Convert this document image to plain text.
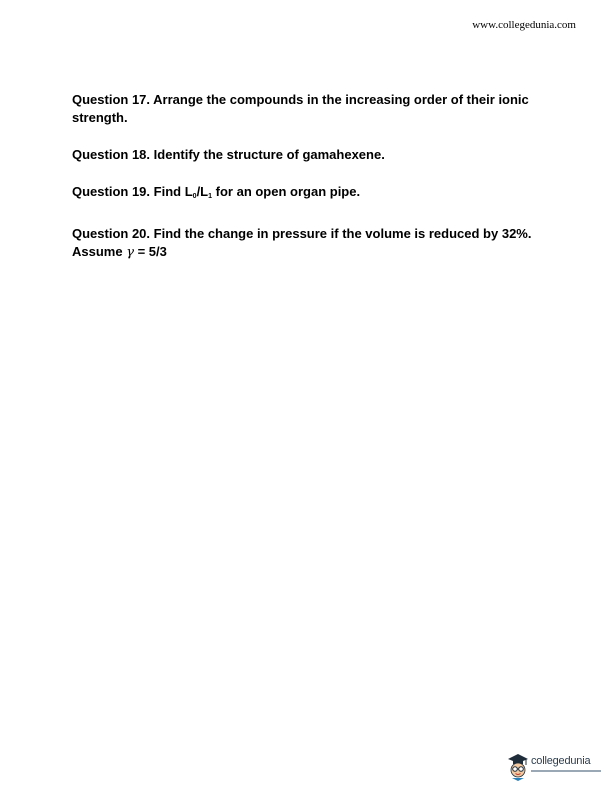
www.collegedunia.com

Question 17. Arrange the compounds in the increasing order of their ionic strength.

Question 18. Identify the structure of gamahexene.

Question 19. Find $L_0/L_1$ for an open organ pipe.

Question 20. Find the change in pressure if the volume is reduced by 32%. Assume γ = 5/3

collegedunia
